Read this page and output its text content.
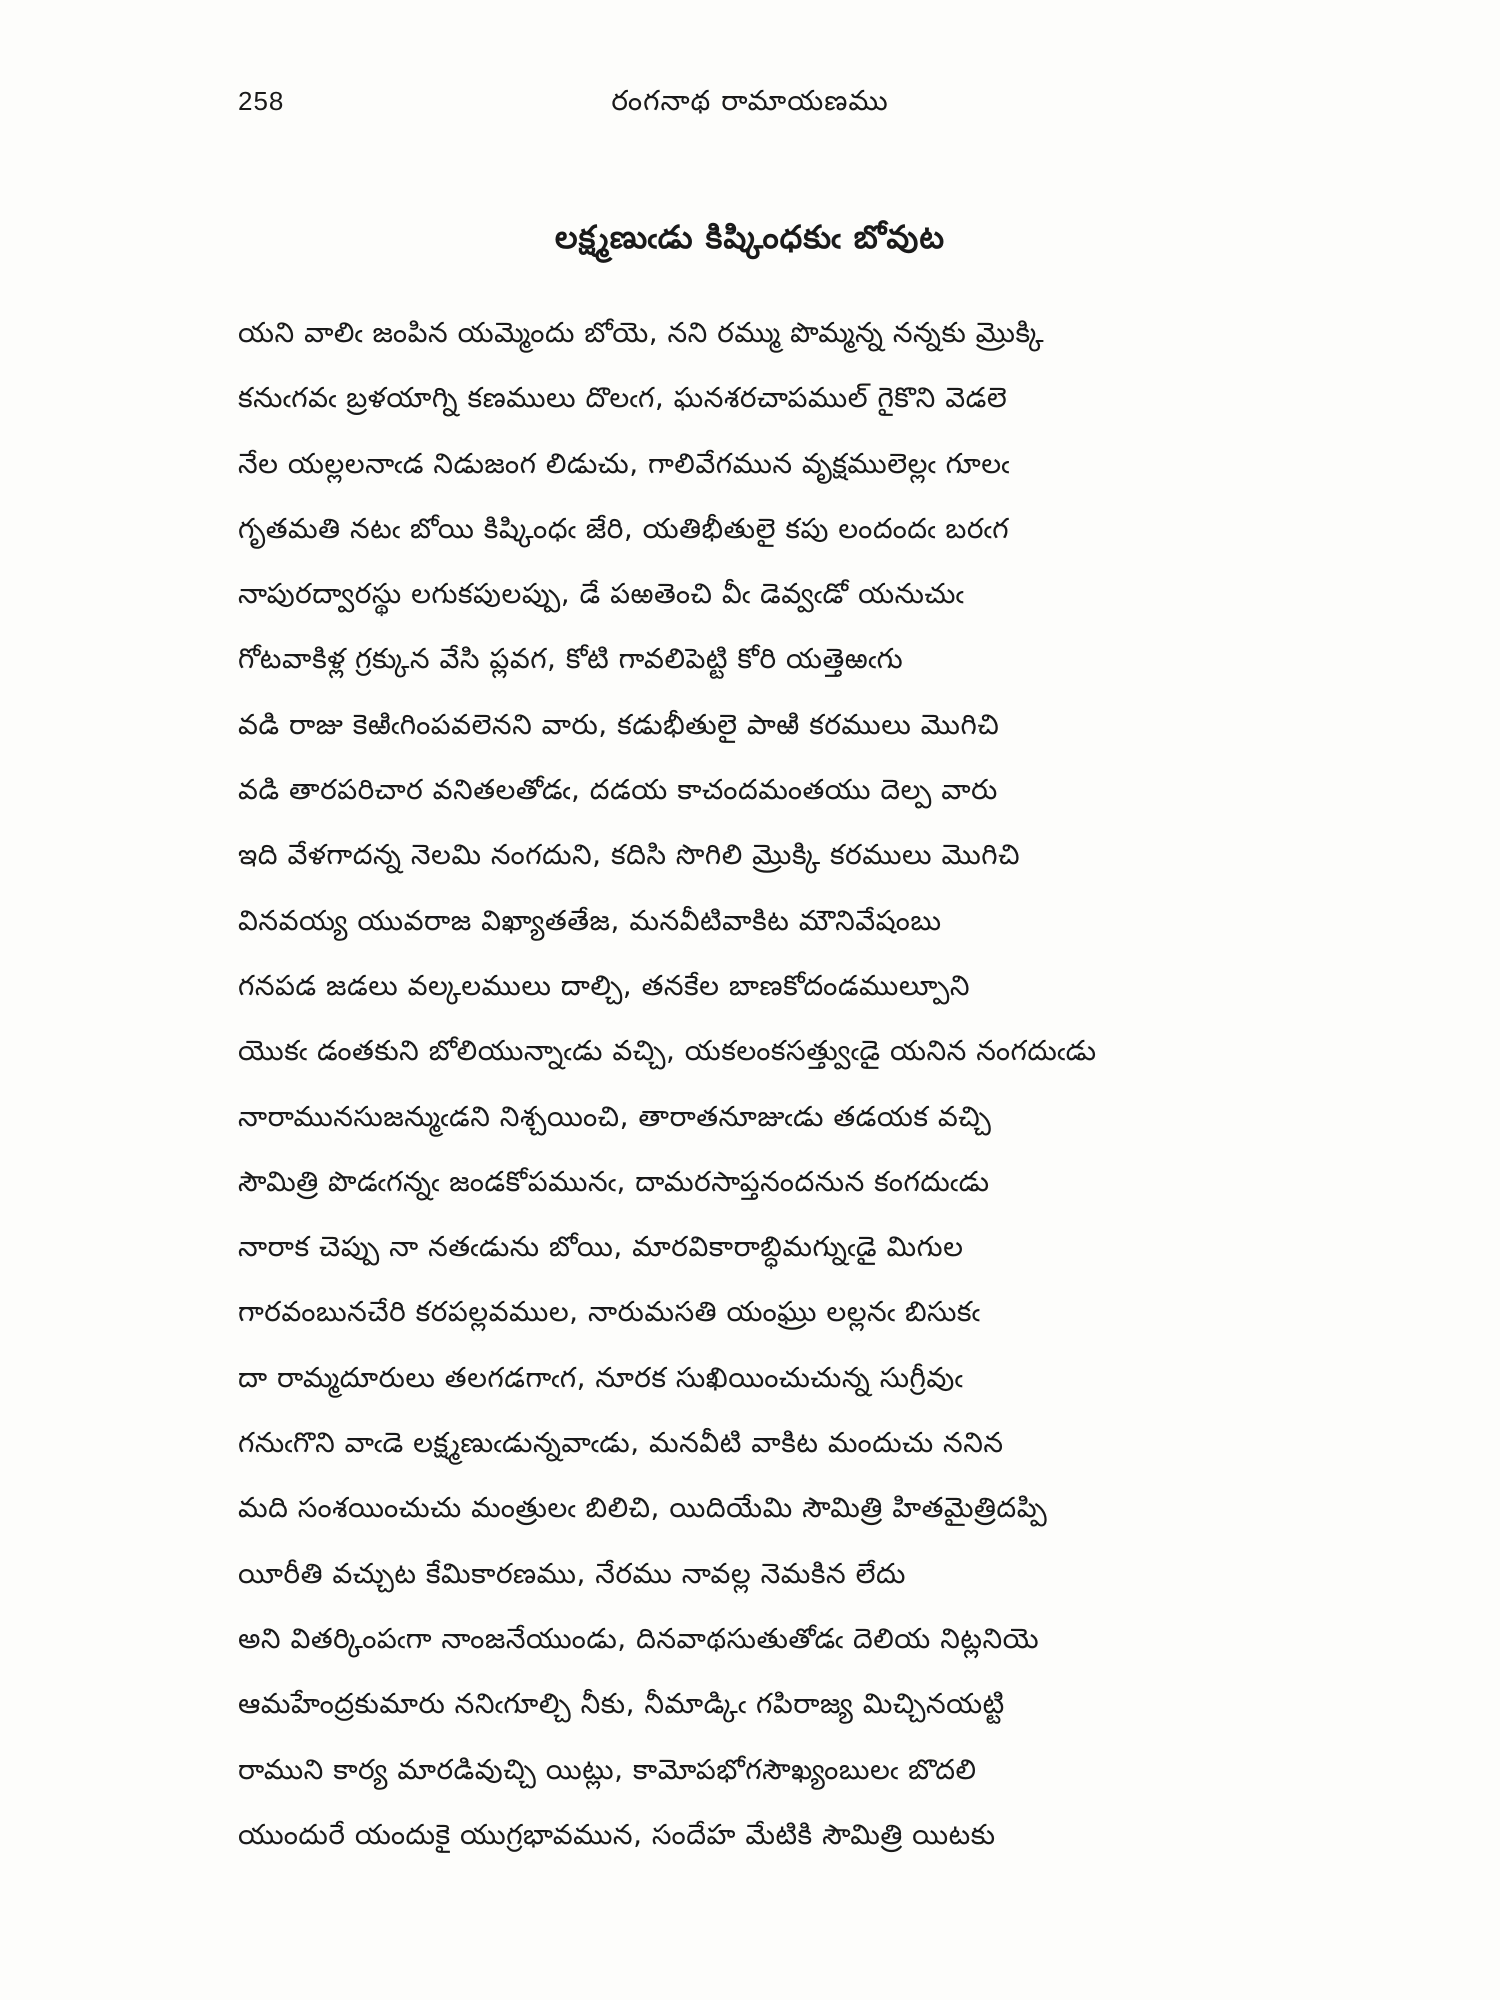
258	రంగనాథ రామాయణము
లక్ష్మణుఁడు కిష్కింధకుఁ బోవుట
యని వాలిఁ జంపిన యమ్మెందు బోయె, నని రమ్ము పొమ్మన్న నన్నకు మ్రొక్కి
కనుఁగవఁ బ్రళయాగ్ని కణములు దొలఁగ, ఘనశరచాపముల్ గైకొని వెడలె
నేల యల్లలనాఁడ నిడుజంగ లిడుచు, గాలివేగమున వృక్షములెల్లఁ గూలఁ
గృతమతి నటఁ బోయి కిష్కింధఁ జేరి, యతిభీతులై కపు లందందఁ బరఁగ
నాపురద్వారస్థు లగుకపులప్పు, డే పఱతెంచి వీఁ డెవ్వఁడో యనుచుఁ
గోటవాకిళ్ల గ్రక్కున వేసి ప్లవగ, కోటి గావలిపెట్టి కోరి యత్తెఱఁగు
వడి రాజు కెఱిఁగింపవలెనని వారు, కడుభీతులై పాఱి కరములు మొగిచి
వడి తారపరిచార వనితలతోడఁ, దడయ కాచందమంతయు దెల్ప వారు
ఇది వేళగాదన్న నెలమి నంగదుని, కదిసి సొగిలి మ్రొక్కి కరములు మొగిచి
వినవయ్య యువరాజ విఖ్యాతతేజ, మనవీటివాకిట మౌనివేషంబు
గనపడ జడలు వల్కలములు దాల్చి, తనకేల బాణకోదండముల్పూని
యొకఁ డంతకుని బోలియున్నాఁడు వచ్చి, యకలంకసత్త్వుఁడై యనిన నంగదుఁడు
నారామునసుజన్ముఁడని నిశ్చయించి, తారాతనూజుఁడు తడయక వచ్చి
సౌమిత్రి పొడఁగన్నఁ జండకోపమునఁ, దామరసాప్తనందనున కంగదుఁడు
నారాక చెప్పు నా నతఁడును బోయి, మారవికారాబ్ధిమగ్నుఁడై మిగుల
గారవంబునచేరి కరపల్లవముల, నారుమసతి యంఘ్రు లల్లనఁ బిసుకఁ
దా రామ్మదూరులు తలగడగాఁగ, నూరక సుఖియించుచున్న సుగ్రీవుఁ
గనుఁగొని వాఁడె లక్ష్మణుఁడున్నవాఁడు, మనవీటి వాకిట మందుచు ననిన
మది సంశయించుచు మంత్రులఁ బిలిచి, యిదియేమి సౌమిత్రి హితమైత్రిదప్పి
యీరీతి వచ్చుట కేమికారణము, నేరము నావల్ల నెమకిన లేదు
అని వితర్కింపఁగా నాంజనేయుండు, దినవాథసుతుతోడఁ దెలియ నిట్లనియె
ఆమహేంద్రకుమారు ననిఁగూల్చి నీకు, నీమాడ్కిఁ గపిరాజ్య మిచ్చినయట్టి
రాముని కార్య మారడివుచ్చి యిట్లు, కామోపభోగసౌఖ్యంబులఁ బొదలి
యుందురే యందుకై యుగ్రభావమున, సందేహ మేటికి సౌమిత్రి యిటకు
